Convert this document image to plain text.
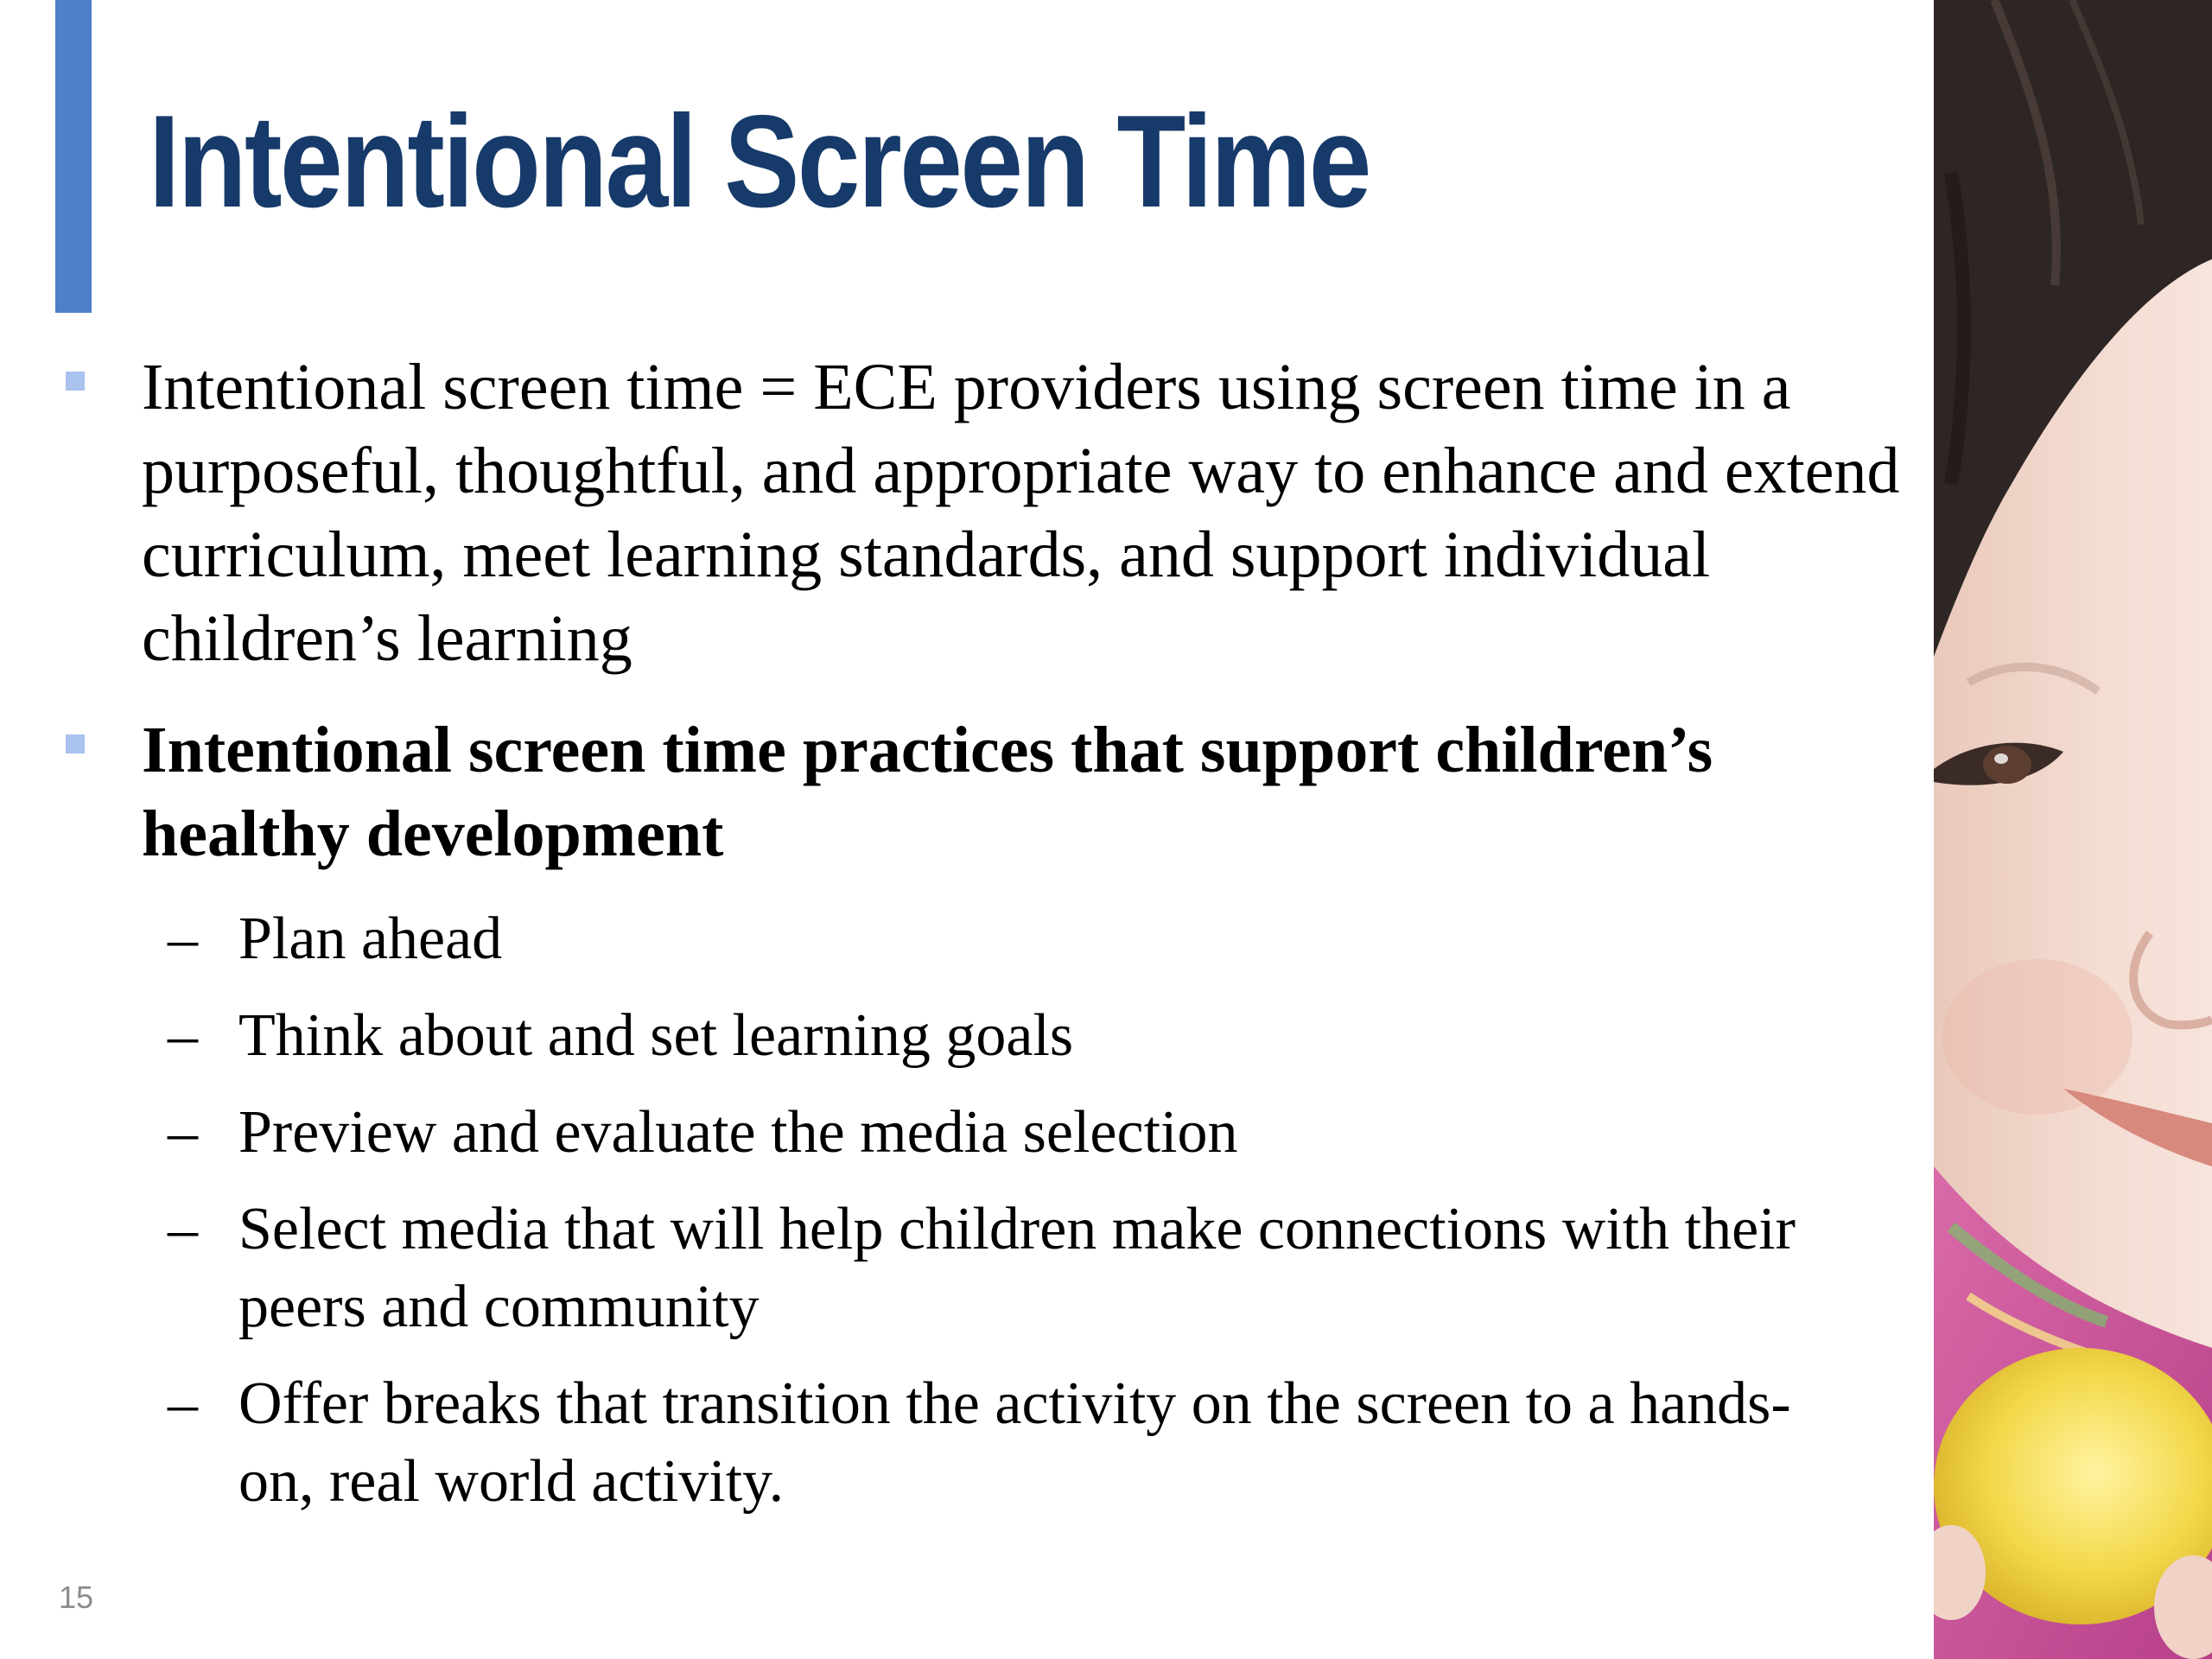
Intentional Screen Time
Intentional screen time = ECE providers using screen time in a purposeful, thoughtful, and appropriate way to enhance and extend curriculum, meet learning standards, and support individual children’s learning
Intentional screen time practices that support children’s healthy development
– Plan ahead
– Think about and set learning goals
– Preview and evaluate the media selection
– Select media that will help children make connections with their peers and community
– Offer breaks that transition the activity on the screen to a hands-on, real world activity.
15
